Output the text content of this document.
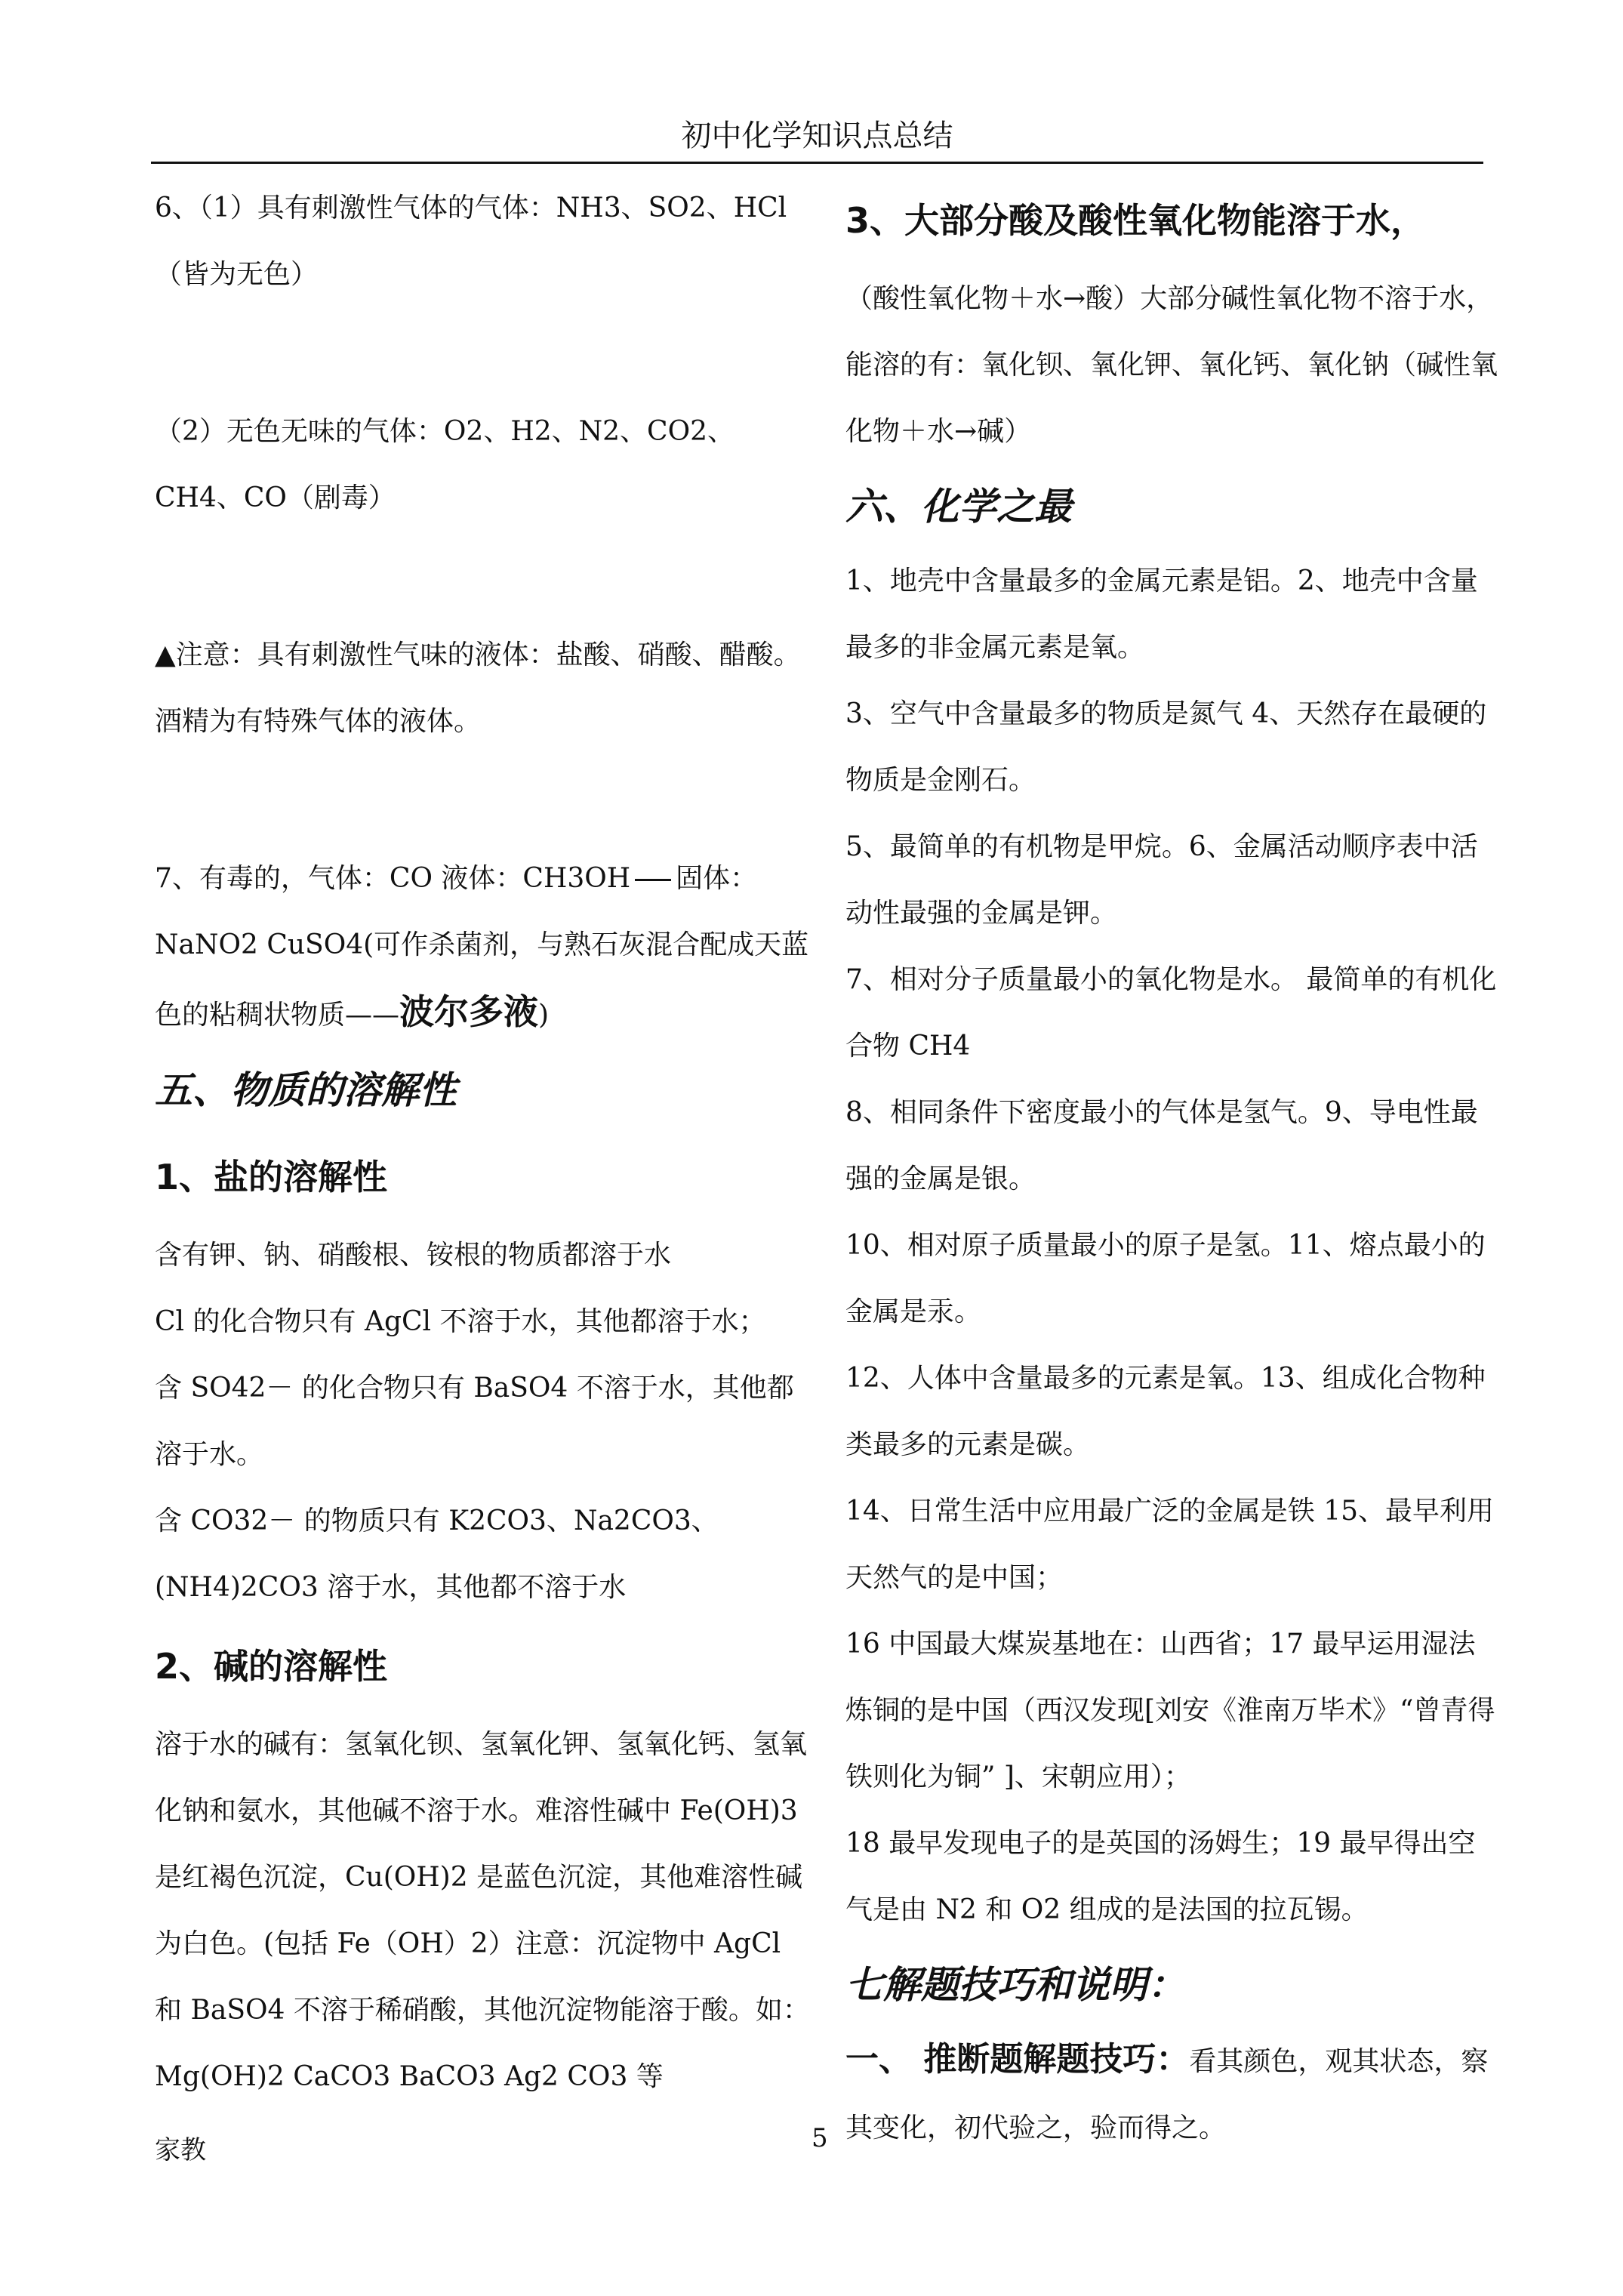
初中化学知识点总结

6、（1）具有刺激性气体的气体：NH3、SO2、HCl（皆为无色）

（2）无色无味的气体：O2、H2、N2、CO2、CH4、CO（剧毒）

▲注意：具有刺激性气味的液体：盐酸、硝酸、醋酸。酒精为有特殊气体的液体。

7、有毒的，气体：CO 液体：CH3OH 固体：NaNO2 CuSO4(可作杀菌剂，与熟石灰混合配成天蓝色的粘稠状物质——波尔多液)

五、物质的溶解性
1、盐的溶解性

含有钾、钠、硝酸根、铵根的物质都溶于水

Cl 的化合物只有 AgCl 不溶于水，其他都溶于水；

含 SO42－ 的化合物只有 BaSO4 不溶于水，其他都溶于水。

含 CO32－ 的物质只有 K2CO3、Na2CO3、(NH4)2CO3 溶于水，其他都不溶于水

2、碱的溶解性

溶于水的碱有：氢氧化钡、氢氧化钾、氢氧化钙、氢氧化钠和氨水，其他碱不溶于水。难溶性碱中 Fe(OH)3 是红褐色沉淀，Cu(OH)2 是蓝色沉淀，其他难溶性碱为白色。(包括 Fe（OH）2）注意：沉淀物中 AgCl 和 BaSO4 不溶于稀硝酸，其他沉淀物能溶于酸。如：Mg(OH)2 CaCO3 BaCO3 Ag2 CO3 等

3、大部分酸及酸性氧化物能溶于水，

（酸性氧化物＋水→酸）大部分碱性氧化物不溶于水，能溶的有：氧化钡、氧化钾、氧化钙、氧化钠（碱性氧化物＋水→碱）

六、化学之最

1、地壳中含量最多的金属元素是铝。2、地壳中含量最多的非金属元素是氧。

3、空气中含量最多的物质是氮气 4、天然存在最硬的物质是金刚石。

5、最简单的有机物是甲烷。6、金属活动顺序表中活动性最强的金属是钾。

7、相对分子质量最小的氧化物是水。 最简单的有机化合物 CH4

8、相同条件下密度最小的气体是氢气。9、导电性最强的金属是银。

10、相对原子质量最小的原子是氢。11、熔点最小的金属是汞。

12、人体中含量最多的元素是氧。13、组成化合物种类最多的元素是碳。

14、日常生活中应用最广泛的金属是铁 15、最早利用天然气的是中国；

16 中国最大煤炭基地在：山西省；17 最早运用湿法炼铜的是中国（西汉发现[刘安《淮南万毕术》“曾青得铁则化为铜” ]、宋朝应用）；

18 最早发现电子的是英国的汤姆生；19 最早得出空气是由 N2 和 O2 组成的是法国的拉瓦锡。

七解题技巧和说明：

一、 推断题解题技巧：看其颜色，观其状态，察其变化，初代验之，验而得之。

家教	5
